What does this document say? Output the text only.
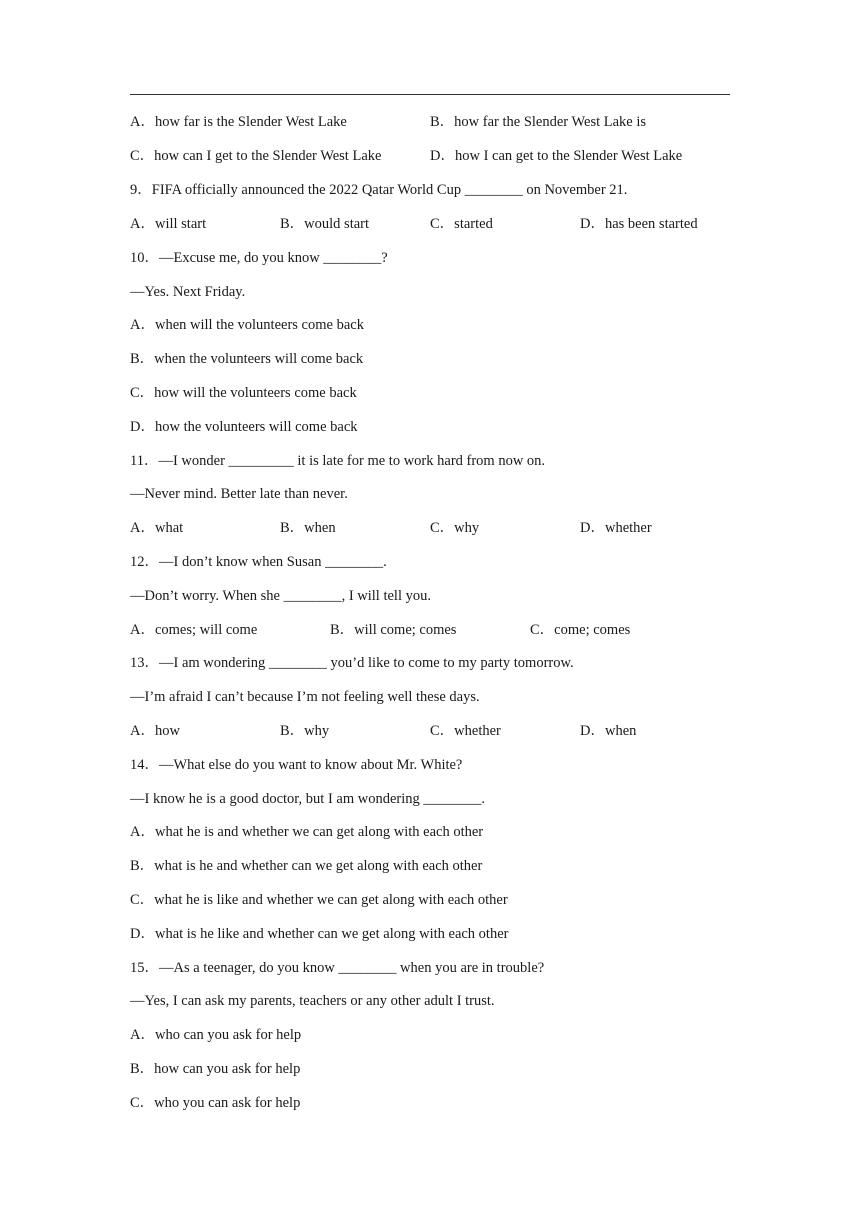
A．how far is the Slender West Lake	B．how far the Slender West Lake is
C．how can I get to the Slender West Lake	D．how I can get to the Slender West Lake
9．FIFA officially announced the 2022 Qatar World Cup ________ on November 21.
A．will start	B．would start	C．started	D．has been started
10．—Excuse me, do you know ________?
—Yes. Next Friday.
A．when will the volunteers come back
B．when the volunteers will come back
C．how will the volunteers come back
D．how the volunteers will come back
11．—I wonder _________ it is late for me to work hard from now on.
—Never mind. Better late than never.
A．what	B．when	C．why	D．whether
12．—I don’t know when Susan ________.
—Don’t worry. When she ________, I will tell you.
A．comes; will come	B．will come; comes	C．come; comes
13．—I am wondering ________ you’d like to come to my party tomorrow.
—I’m afraid I can’t because I’m not feeling well these days.
A．how	B．why	C．whether	D．when
14．—What else do you want to know about Mr. White?
—I know he is a good doctor, but I am wondering ________.
A．what he is and whether we can get along with each other
B．what is he and whether can we get along with each other
C．what he is like and whether we can get along with each other
D．what is he like and whether can we get along with each other
15．—As a teenager, do you know ________ when you are in trouble?
—Yes, I can ask my parents, teachers or any other adult I trust.
A．who can you ask for help
B．how can you ask for help
C．who you can ask for help
